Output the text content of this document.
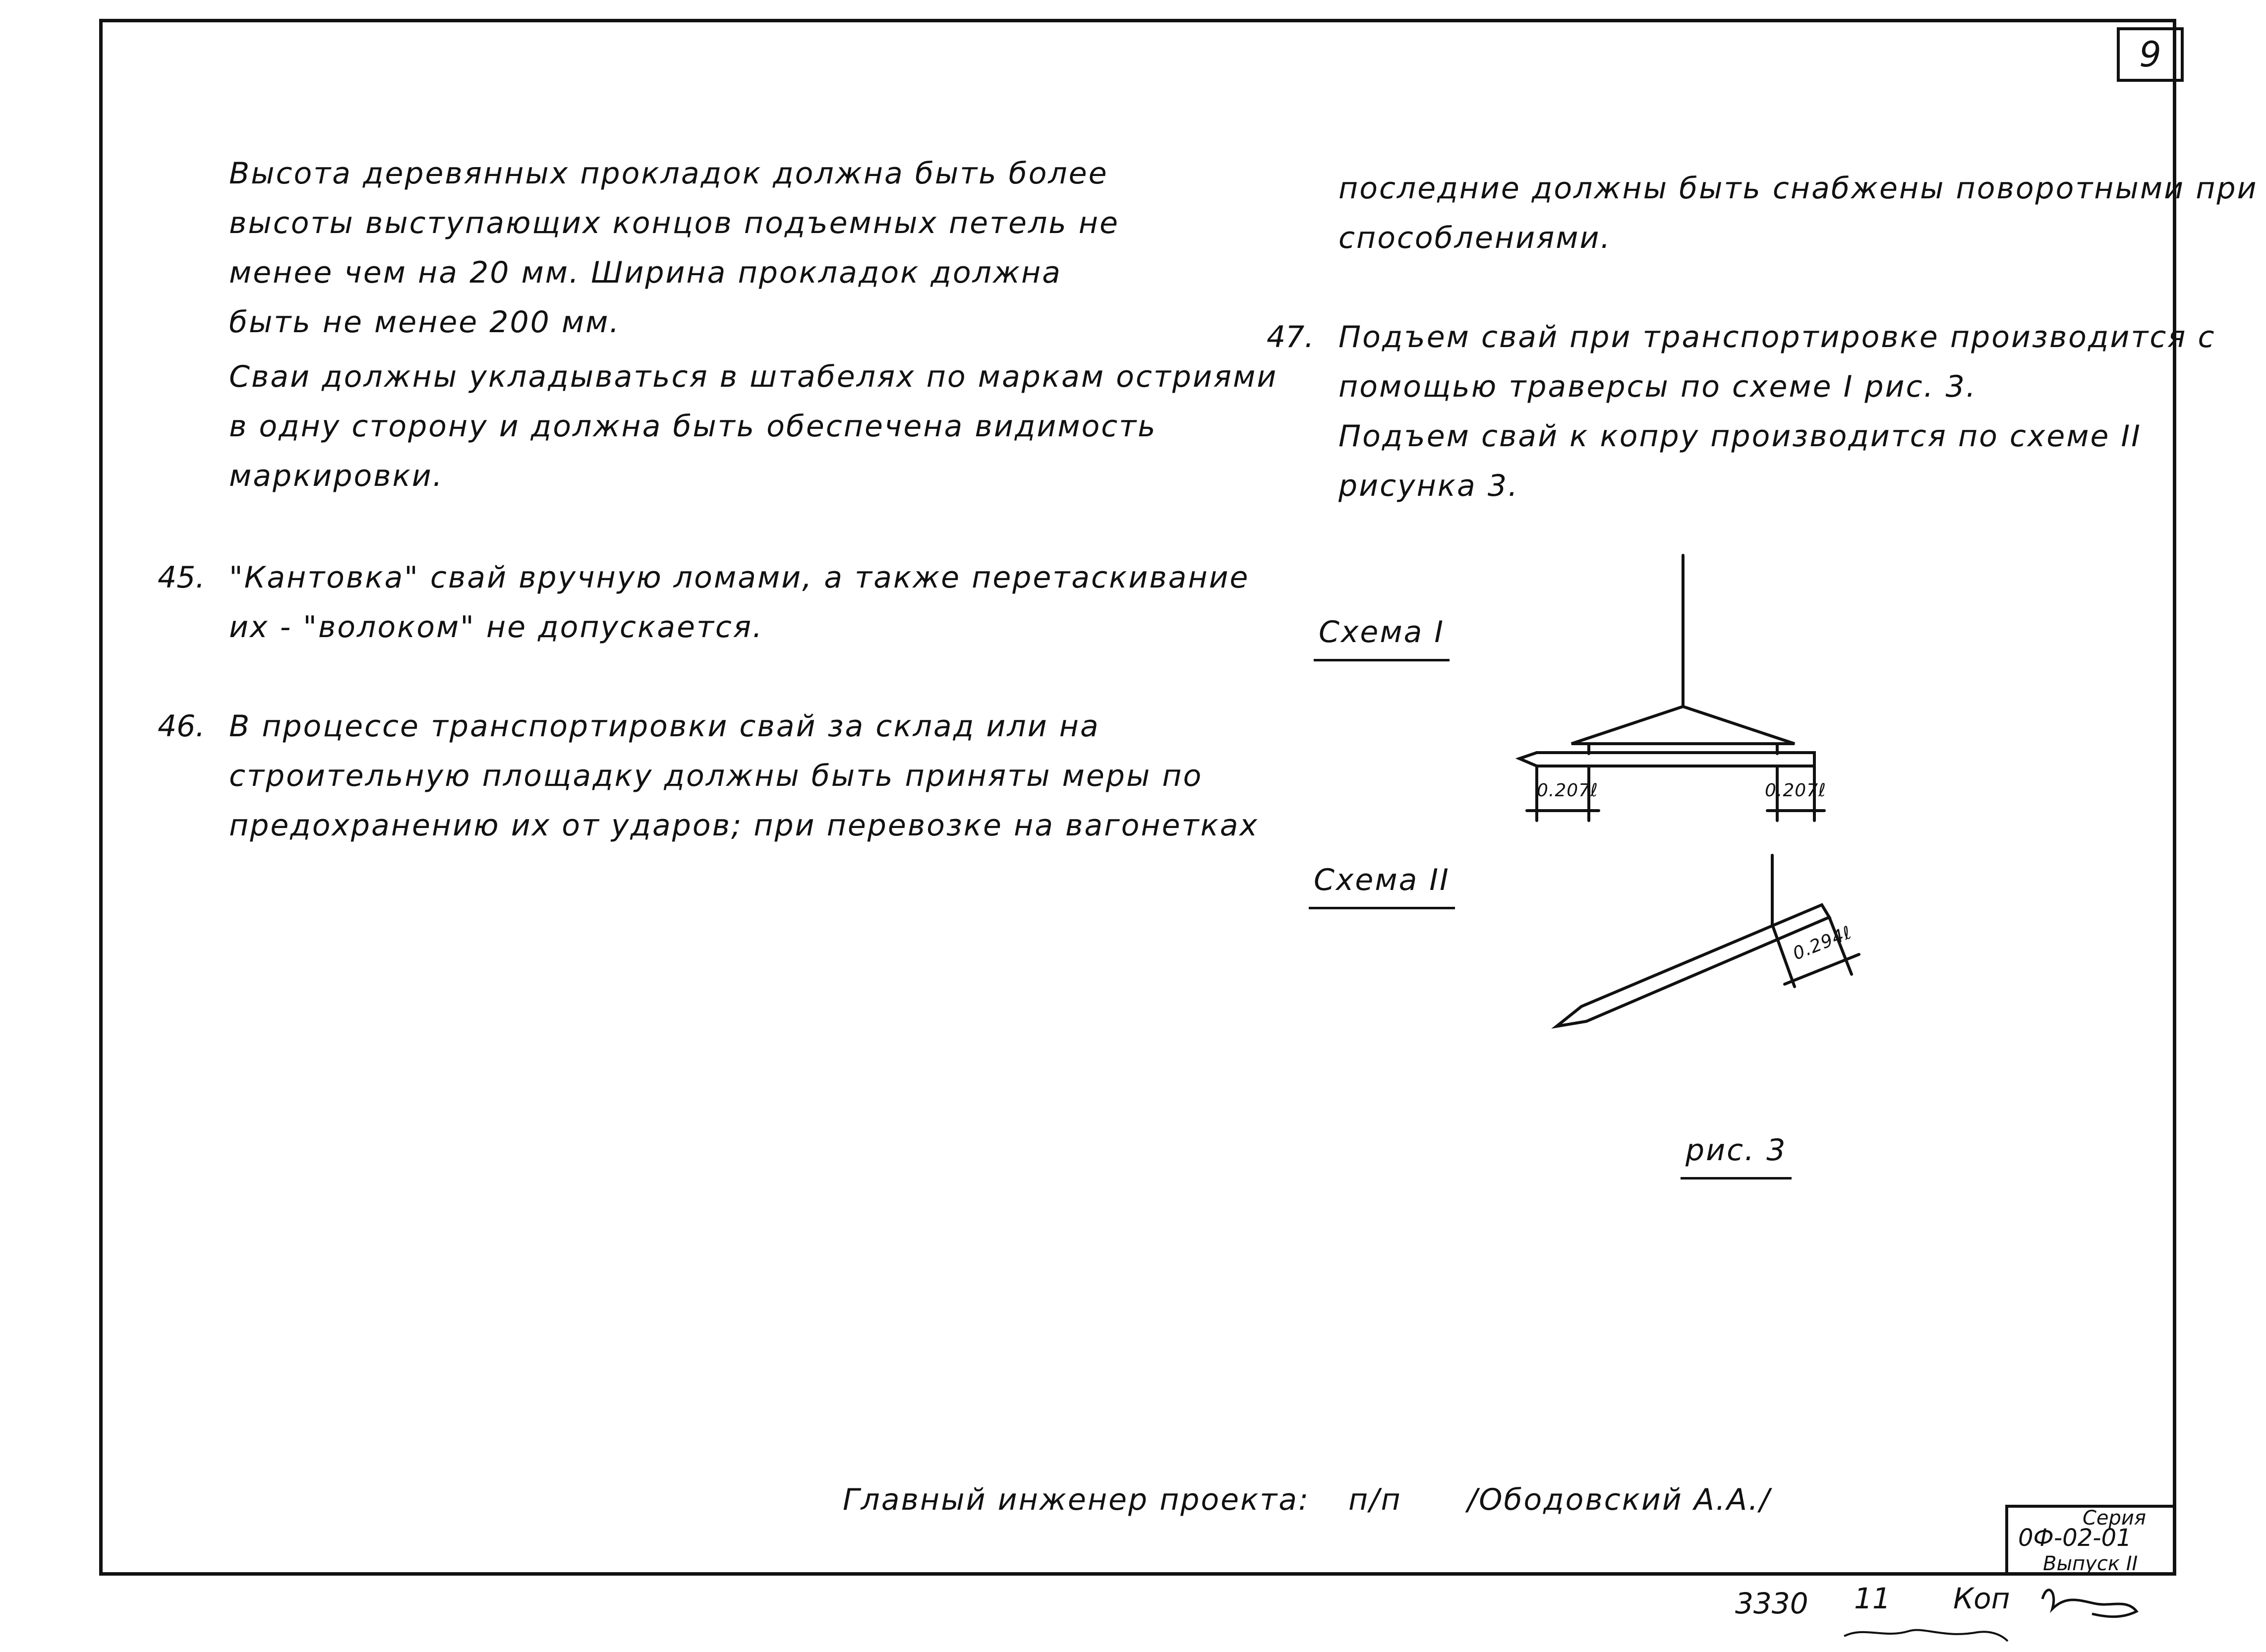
9
Высота деревянных прокладок должна быть более
высоты выступающих концов подъемных петель не
менее чем на 20 мм. Ширина прокладок должна
быть не менее 200 мм.
Сваи должны укладываться в штабелях по маркам остриями
в одну сторону и должна быть обеспечена видимость
маркировки.
45. "Кантовка" свай вручную ломами, а также перетаскивание
их - "волоком" не допускается.
46. В процессе транспортировки свай за склад или на
строительную площадку должны быть приняты меры по
предохранению их от ударов; при перевозке на вагонетках
последние должны быть снабжены поворотными при
способлениями.
47. Подъем свай при транспортировке производится с
помощью траверсы по схеме I рис. 3.
Подъем свай к копру производится по схеме II
рисунка 3.
Схема I
Схема II
0.207ℓ	0.207ℓ
0.294ℓ
рис. 3
Главный инженер проекта: п/п /Ободовский А.А./
Серия
0Ф-02-01
Выпуск II
3330 11 Коп
